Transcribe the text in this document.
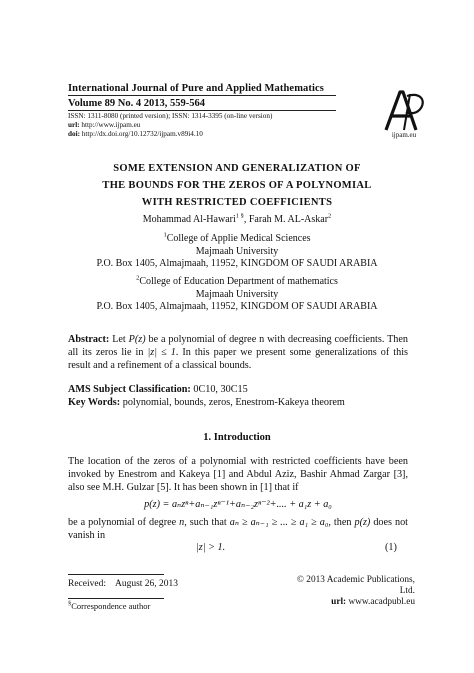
International Journal of Pure and Applied Mathematics
Volume 89 No. 4 2013, 559-564
ISSN: 1311-8080 (printed version); ISSN: 1314-3395 (on-line version)
url: http://www.ijpam.eu
doi: http://dx.doi.org/10.12732/ijpam.v89i4.10	ijpam.eu
SOME EXTENSION AND GENERALIZATION OF
THE BOUNDS FOR THE ZEROS OF A POLYNOMIAL
WITH RESTRICTED COEFFICIENTS
Mohammad Al-Hawari$^{1 \S}$, Farah M. AL-Askar$^2$
$^1$College of Applie Medical Sciences
Majmaah University
P.O. Box 1405, Almajmaah, 11952, KINGDOM OF SAUDI ARABIA
$^2$College of Education Department of mathematics
Majmaah University
P.O. Box 1405, Almajmaah, 11952, KINGDOM OF SAUDI ARABIA
Abstract: Let P(z) be a polynomial of degree n with decreasing coefficients. Then all its zeros lie in |z| ≤ 1. In this paper we present some generalizations of this result and a refinement of a classical bounds.
AMS Subject Classification: 0C10, 30C15
Key Words: polynomial, bounds, zeros, Enestrom-Kakeya theorem
1. Introduction
The location of the zeros of a polynomial with restricted coefficients have been invoked by Enestrom and Kakeya [1] and Abdul Aziz, Bashir Ahmad Zargar [3], also see M.H. Gulzar [5]. It has been shown in [1] that if
p(z) = aₙzⁿ+aₙ₋₁zⁿ⁻¹+aₙ₋₂zⁿ⁻²+.... + a₁z + a₀
be a polynomial of degree n, such that aₙ ≥ aₙ₋₁ ≥ ... ≥ a₁ ≥ a₀, then p(z) does not vanish in
|z| > 1.	(1)
Received: August 26, 2013	© 2013 Academic Publications, Ltd.
url: www.acadpubl.eu
§Correspondence author
